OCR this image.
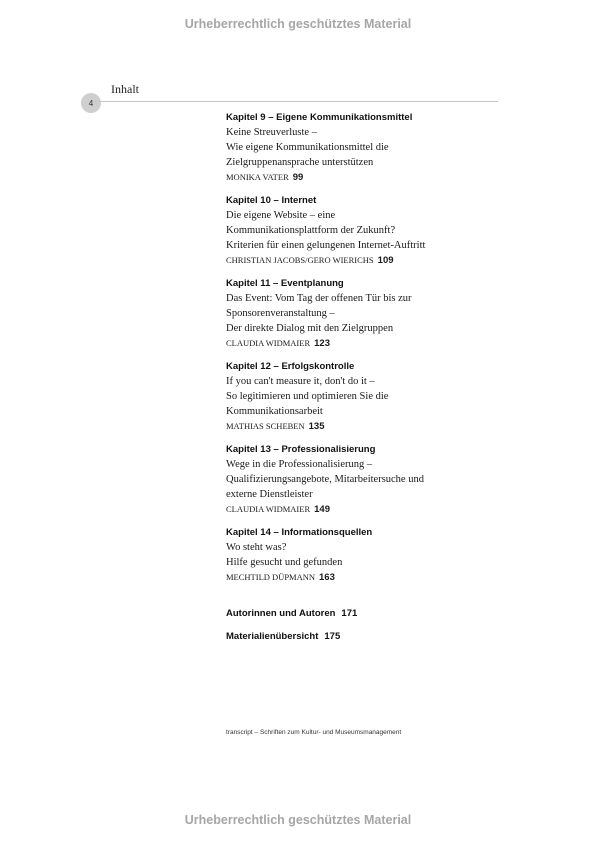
Urheberrechtlich geschütztes Material
4
Inhalt
Kapitel 9 – Eigene Kommunikationsmittel
Keine Streuverluste –
Wie eigene Kommunikationsmittel die
Zielgruppenansprache unterstützen
MONIKA VATER 99
Kapitel 10 – Internet
Die eigene Website – eine
Kommunikationsplattform der Zukunft?
Kriterien für einen gelungenen Internet-Auftritt
CHRISTIAN JACOBS/GERO WIERICHS 109
Kapitel 11 – Eventplanung
Das Event: Vom Tag der offenen Tür bis zur
Sponsorenveranstaltung –
Der direkte Dialog mit den Zielgruppen
CLAUDIA WIDMAIER 123
Kapitel 12 – Erfolgskontrolle
If you can't measure it, don't do it –
So legitimieren und optimieren Sie die
Kommunikationsarbeit
MATHIAS SCHEBEN 135
Kapitel 13 – Professionalisierung
Wege in die Professionalisierung –
Qualifizierungsangebote, Mitarbeitersuche und
externe Dienstleister
CLAUDIA WIDMAIER 149
Kapitel 14 – Informationsquellen
Wo steht was?
Hilfe gesucht und gefunden
MECHTILD DÜPMANN 163
Autorinnen und Autoren 171
Materialienübersicht 175
transcript – Schriften zum Kultur- und Museumsmanagement
Urheberrechtlich geschütztes Material
